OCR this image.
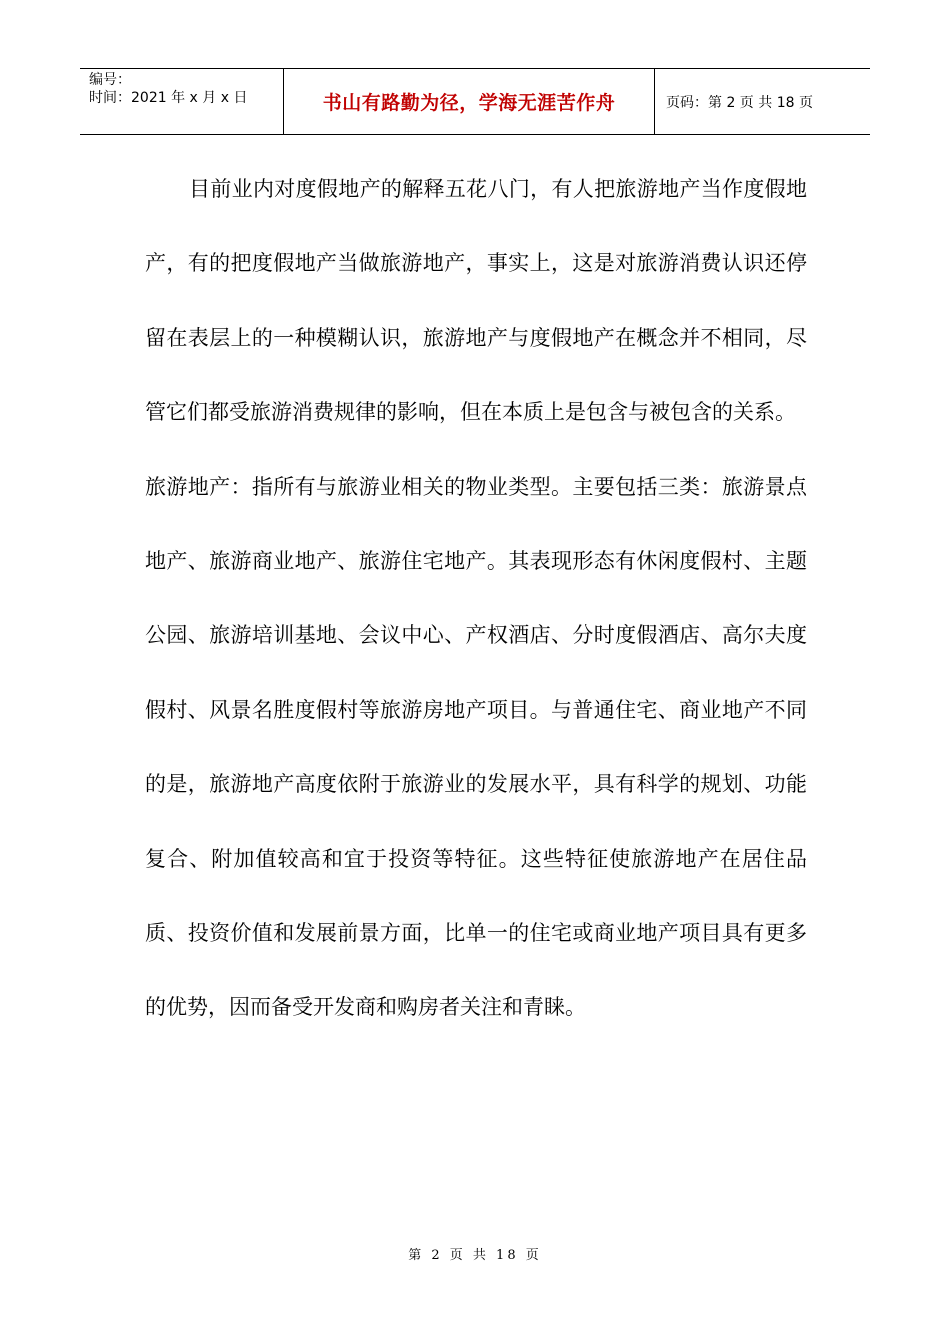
编号：
时间：2021 年 x 月 x 日	书山有路勤为径，学海无涯苦作舟	页码：第 2 页 共 18 页

目前业内对度假地产的解释五花八门，有人把旅游地产当作度假地产，有的把度假地产当做旅游地产，事实上，这是对旅游消费认识还停留在表层上的一种模糊认识，旅游地产与度假地产在概念并不相同，尽管它们都受旅游消费规律的影响，但在本质上是包含与被包含的关系。

旅游地产：指所有与旅游业相关的物业类型。主要包括三类：旅游景点地产、旅游商业地产、旅游住宅地产。其表现形态有休闲度假村、主题公园、旅游培训基地、会议中心、产权酒店、分时度假酒店、高尔夫度假村、风景名胜度假村等旅游房地产项目。与普通住宅、商业地产不同的是，旅游地产高度依附于旅游业的发展水平，具有科学的规划、功能复合、附加值较高和宜于投资等特征。这些特征使旅游地产在居住品质、投资价值和发展前景方面，比单一的住宅或商业地产项目具有更多的优势，因而备受开发商和购房者关注和青睐。

第 2 页 共 18 页
